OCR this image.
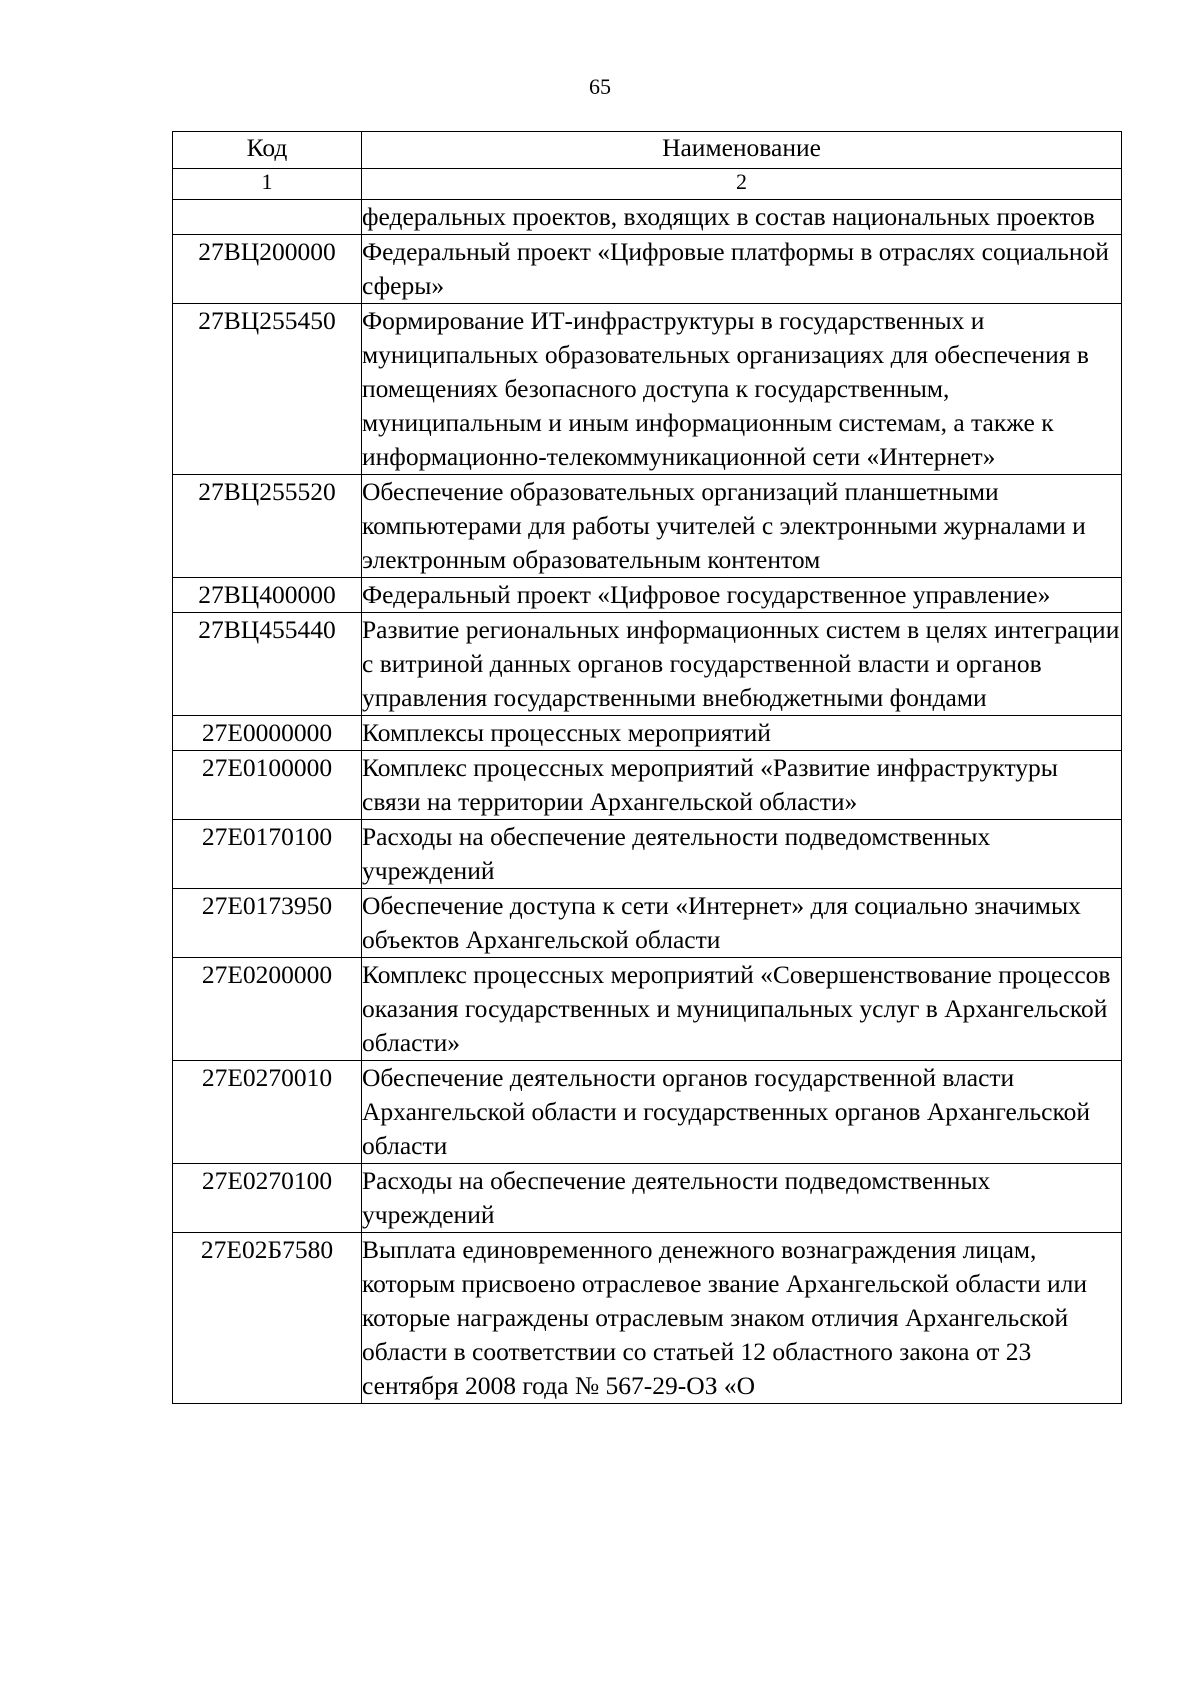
65
Код	Наименование
1	2
	федеральных проектов, входящих в состав национальных проектов
27ВЦ200000	Федеральный проект «Цифровые платформы в отраслях социальной сферы»
27ВЦ255450	Формирование ИТ-инфраструктуры в государственных и муниципальных образовательных организациях для обеспечения в помещениях безопасного доступа к государственным, муниципальным и иным информационным системам, а также к информационно-телекоммуникационной сети «Интернет»
27ВЦ255520	Обеспечение образовательных организаций планшетными компьютерами для работы учителей с электронными журналами и электронным образовательным контентом
27ВЦ400000	Федеральный проект «Цифровое государственное управление»
27ВЦ455440	Развитие региональных информационных систем в целях интеграции с витриной данных органов государственной власти и органов управления государственными внебюджетными фондами
27Е0000000	Комплексы процессных мероприятий
27Е0100000	Комплекс процессных мероприятий «Развитие инфраструктуры связи на территории Архангельской области»
27Е0170100	Расходы на обеспечение деятельности подведомственных учреждений
27Е0173950	Обеспечение доступа к сети «Интернет» для социально значимых объектов Архангельской области
27Е0200000	Комплекс процессных мероприятий «Совершенствование процессов оказания государственных и муниципальных услуг в Архангельской области»
27Е0270010	Обеспечение деятельности органов государственной власти Архангельской области и государственных органов Архангельской области
27Е0270100	Расходы на обеспечение деятельности подведомственных учреждений
27Е02Б7580	Выплата единовременного денежного вознаграждения лицам, которым присвоено отраслевое звание Архангельской области или которые награждены отраслевым знаком отличия Архангельской области в соответствии со статьей 12 областного закона от 23 сентября 2008 года № 567-29-ОЗ «О
